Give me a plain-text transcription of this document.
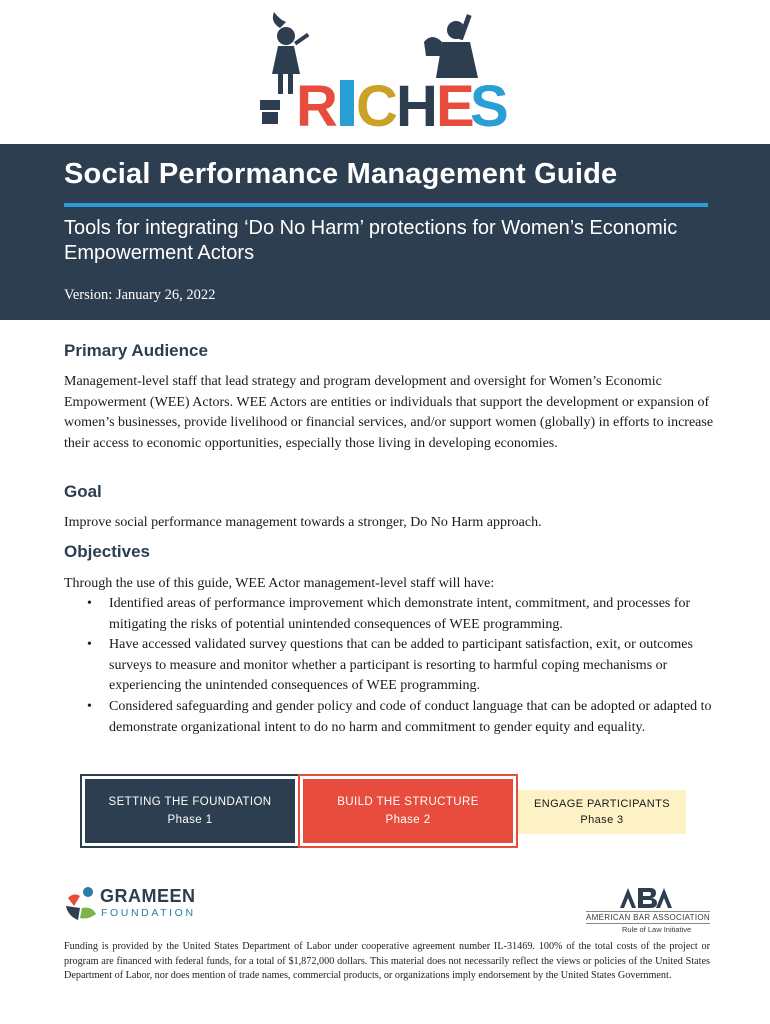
R C
H
E
S
Social Performance Management Guide

Tools for integrating ‘Do No Harm’ protections for Women’s Economic Empowerment Actors

Version: January 26, 2022
Primary Audience

Management-level staff that lead strategy and program development and oversight for Women’s Economic Empowerment (WEE) Actors. WEE Actors are entities or individuals that support the development or expansion of women’s businesses, provide livelihood or financial services, and/or support women (globally) in efforts to increase their access to economic opportunities, especially those living in developing economies.

Goal

Improve social performance management towards a stronger, Do No Harm approach.

Objectives

Through the use of this guide, WEE Actor management-level staff will have:

• Identified areas of performance improvement which demonstrate intent, commitment, and processes for mitigating the risks of potential unintended consequences of WEE programming.
• Have accessed validated survey questions that can be added to participant satisfaction, exit, or outcomes surveys to measure and monitor whether a participant is resorting to harmful coping mechanisms or experiencing the unintended consequences of WEE programming.
• Considered safeguarding and gender policy and code of conduct language that can be adopted or adapted to demonstrate organizational intent to do no harm and commitment to gender equity and equality.
SETTING THE FOUNDATION
Phase 1
BUILD THE STRUCTURE
Phase 2
ENGAGE PARTICIPANTS
Phase 3
GRAMEEN
FOUNDATION	AMERICAN BAR ASSOCIATION
Rule of Law Initiative

Funding is provided by the United States Department of Labor under cooperative agreement number IL-31469. 100% of the total costs of the project or program are financed with federal funds, for a total of $1,872,000 dollars. This material does not necessarily reflect the views or policies of the United States Department of Labor, nor does mention of trade names, commercial products, or organizations imply endorsement by the United States Government.
